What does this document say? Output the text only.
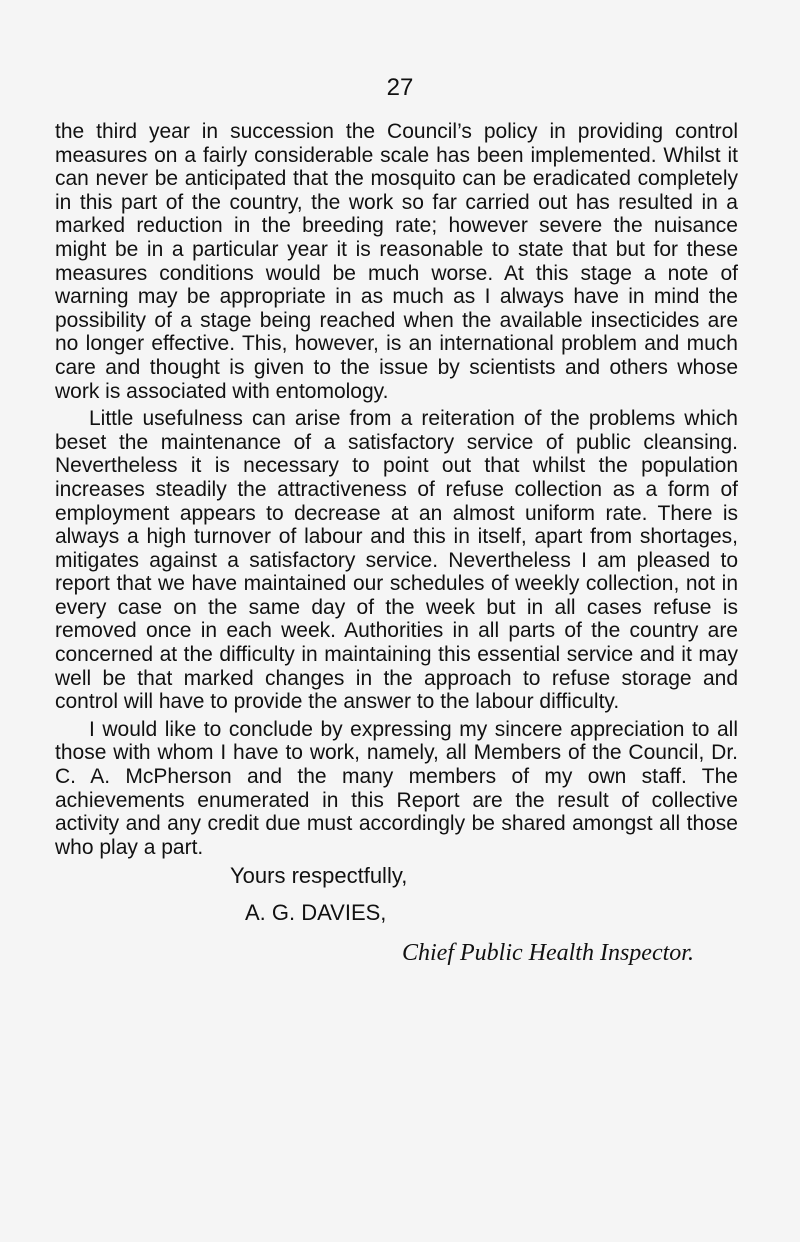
27

the third year in succession the Council’s policy in providing control measures on a fairly considerable scale has been implemented. Whilst it can never be anticipated that the mosquito can be eradicated completely in this part of the country, the work so far carried out has resulted in a marked reduction in the breeding rate; however severe the nuisance might be in a particular year it is reasonable to state that but for these measures conditions would be much worse. At this stage a note of warning may be appropriate in as much as I always have in mind the possibility of a stage being reached when the available insecticides are no longer effective. This, however, is an international problem and much care and thought is given to the issue by scientists and others whose work is associated with entomology.

Little usefulness can arise from a reiteration of the problems which beset the maintenance of a satisfactory service of public cleansing. Nevertheless it is necessary to point out that whilst the population increases steadily the attractiveness of refuse collection as a form of employment appears to decrease at an almost uniform rate. There is always a high turnover of labour and this in itself, apart from shortages, mitigates against a satisfactory service. Nevertheless I am pleased to report that we have maintained our schedules of weekly collection, not in every case on the same day of the week but in all cases refuse is removed once in each week. Authorities in all parts of the country are concerned at the difficulty in maintaining this essential service and it may well be that marked changes in the approach to refuse storage and control will have to provide the answer to the labour difficulty.

I would like to conclude by expressing my sincere appreciation to all those with whom I have to work, namely, all Members of the Council, Dr. C. A. McPherson and the many members of my own staff. The achievements enumerated in this Report are the result of collective activity and any credit due must accordingly be shared amongst all those who play a part.

Yours respectfully,
A. G. DAVIES,
Chief Public Health Inspector.
